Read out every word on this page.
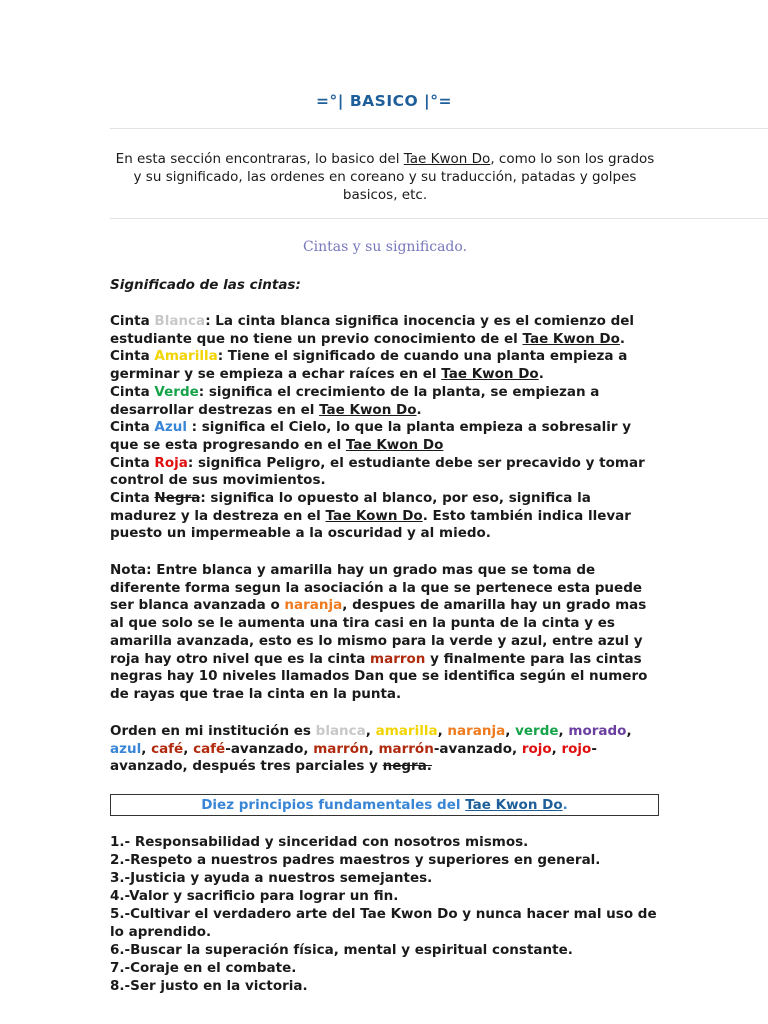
=°| BASICO |°=
En esta sección encontraras, lo basico del Tae Kwon Do, como lo son los grados y su significado, las ordenes en coreano y su traducción, patadas y golpes basicos, etc.
Cintas y su significado.
Significado de las cintas:

Cinta Blanca: La cinta blanca significa inocencia y es el comienzo del estudiante que no tiene un previo conocimiento de el Tae Kwon Do.

Cinta Amarilla: Tiene el significado de cuando una planta empieza a germinar y se empieza a echar raíces en el Tae Kwon Do.

Cinta Verde: significa el crecimiento de la planta, se empiezan a desarrollar destrezas en el Tae Kwon Do.

Cinta Azul : significa el Cielo, lo que la planta empieza a sobresalir y que se esta progresando en el Tae Kwon Do

Cinta Roja: significa Peligro, el estudiante debe ser precavido y tomar control de sus movimientos.

Cinta Negra: significa lo opuesto al blanco, por eso, significa la madurez y la destreza en el Tae Kown Do. Esto también indica llevar puesto un impermeable a la oscuridad y al miedo.

Nota: Entre blanca y amarilla hay un grado mas que se toma de diferente forma segun la asociación a la que se pertenece esta puede ser blanca avanzada o naranja, despues de amarilla hay un grado mas al que solo se le aumenta una tira casi en la punta de la cinta y es amarilla avanzada, esto es lo mismo para la verde y azul, entre azul y roja hay otro nivel que es la cinta marron y finalmente para las cintas negras hay 10 niveles llamados Dan que se identifica según el numero de rayas que trae la cinta en la punta.

Orden en mi institución es blanca, amarilla, naranja, verde, morado, azul, café, café-avanzado, marrón, marrón-avanzado, rojo, rojo-avanzado, después tres parciales y negra.

Diez principios fundamentales del Tae Kwon Do.
1.- Responsabilidad y sinceridad con nosotros mismos.
2.-Respeto a nuestros padres maestros y superiores en general.
3.-Justicia y ayuda a nuestros semejantes.
4.-Valor y sacrificio para lograr un fin.
5.-Cultivar el verdadero arte del Tae Kwon Do y nunca hacer mal uso de lo aprendido.
6.-Buscar la superación física, mental y espiritual constante.
7.-Coraje en el combate.
8.-Ser justo en la victoria.
